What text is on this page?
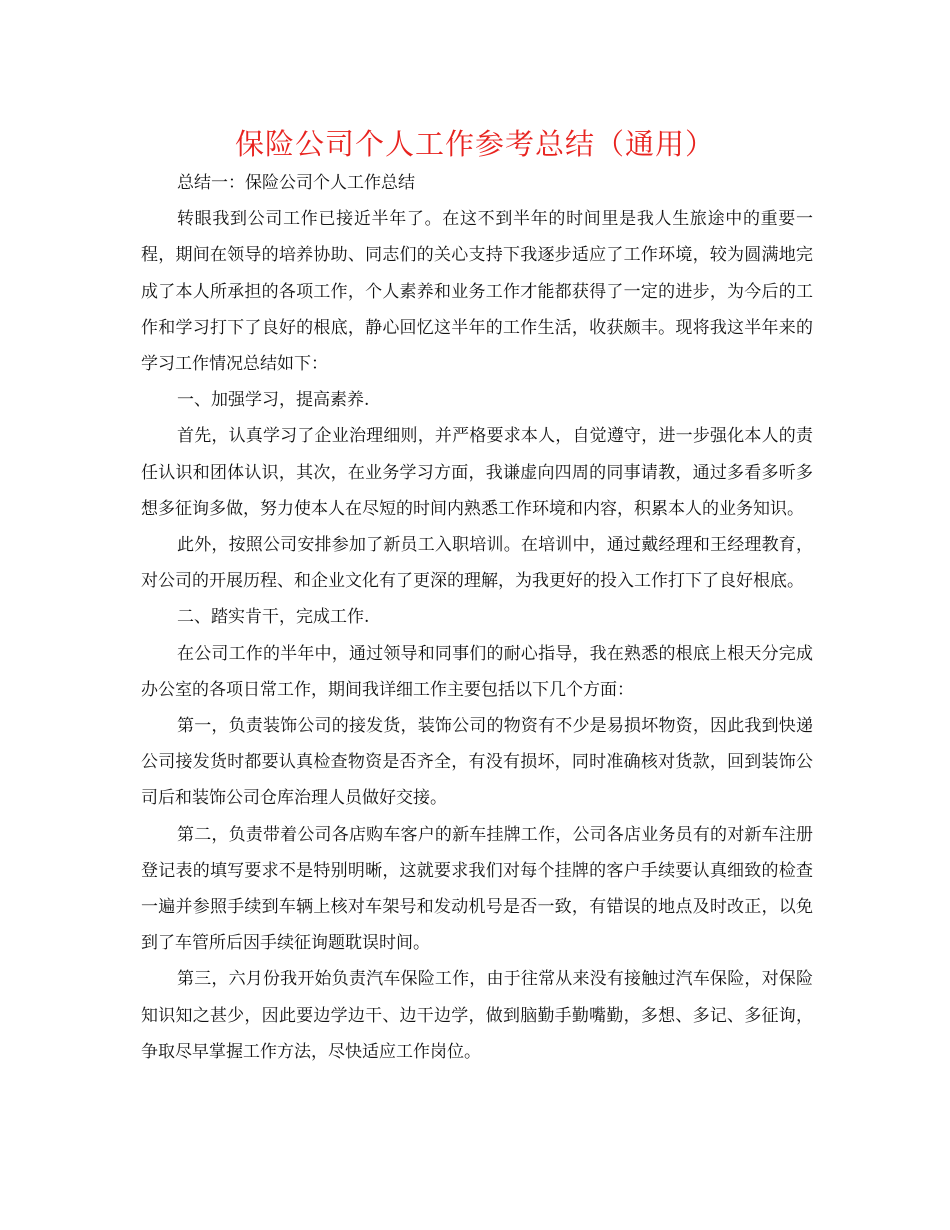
保险公司个人工作参考总结（通用）

总结一：保险公司个人工作总结

转眼我到公司工作已接近半年了。在这不到半年的时间里是我人生旅途中的重要一程，期间在领导的培养协助、同志们的关心支持下我逐步适应了工作环境，较为圆满地完成了本人所承担的各项工作，个人素养和业务工作才能都获得了一定的进步，为今后的工作和学习打下了良好的根底，静心回忆这半年的工作生活，收获颇丰。现将我这半年来的学习工作情况总结如下：

一、加强学习，提高素养.

首先，认真学习了企业治理细则，并严格要求本人，自觉遵守，进一步强化本人的责任认识和团体认识，其次，在业务学习方面，我谦虚向四周的同事请教，通过多看多听多想多征询多做，努力使本人在尽短的时间内熟悉工作环境和内容，积累本人的业务知识。

此外，按照公司安排参加了新员工入职培训。在培训中，通过戴经理和王经理教育，对公司的开展历程、和企业文化有了更深的理解，为我更好的投入工作打下了良好根底。

二、踏实肯干，完成工作.

在公司工作的半年中，通过领导和同事们的耐心指导，我在熟悉的根底上根天分完成办公室的各项日常工作，期间我详细工作主要包括以下几个方面：

第一，负责装饰公司的接发货，装饰公司的物资有不少是易损坏物资，因此我到快递公司接发货时都要认真检查物资是否齐全，有没有损坏，同时准确核对货款，回到装饰公司后和装饰公司仓库治理人员做好交接。

第二，负责带着公司各店购车客户的新车挂牌工作，公司各店业务员有的对新车注册登记表的填写要求不是特别明晰，这就要求我们对每个挂牌的客户手续要认真细致的检查一遍并参照手续到车辆上核对车架号和发动机号是否一致，有错误的地点及时改正，以免到了车管所后因手续征询题耽误时间。

第三，六月份我开始负责汽车保险工作，由于往常从来没有接触过汽车保险，对保险知识知之甚少，因此要边学边干、边干边学，做到脑勤手勤嘴勤，多想、多记、多征询，争取尽早掌握工作方法，尽快适应工作岗位。
